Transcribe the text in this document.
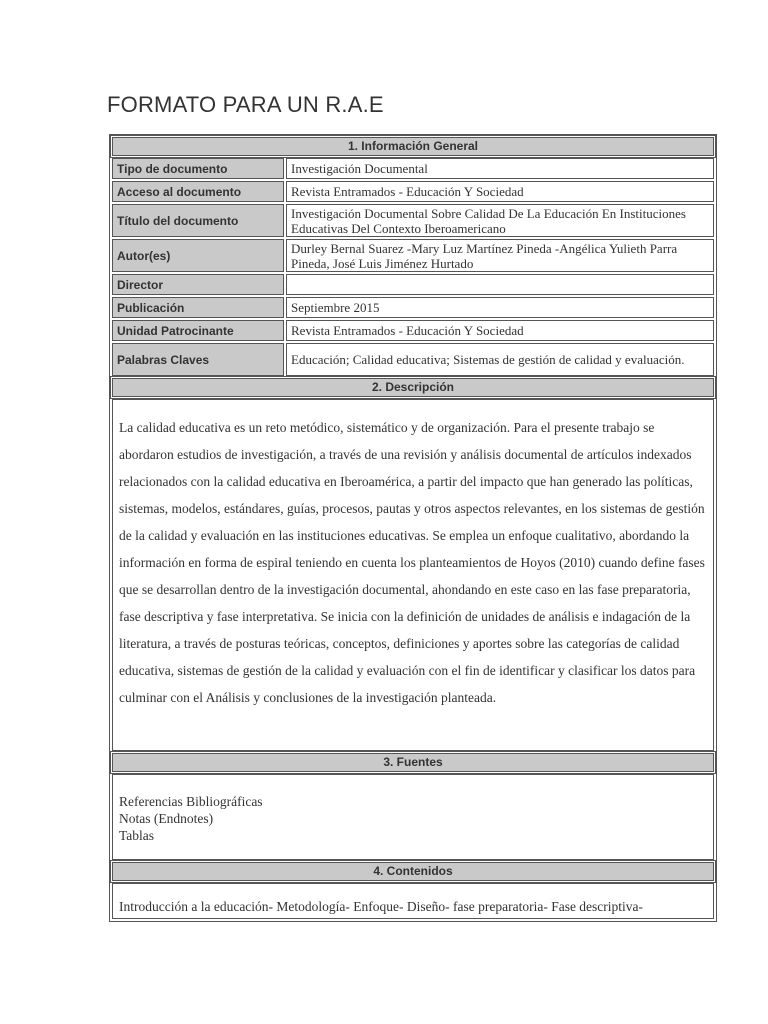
FORMATO PARA UN R.A.E
1. Información General
Tipo de documento	Investigación Documental
Acceso al documento	Revista Entramados - Educación Y Sociedad
Título del documento	Investigación Documental Sobre Calidad De La Educación En Instituciones Educativas Del Contexto Iberoamericano
Autor(es)	Durley Bernal Suarez -Mary Luz Martínez Pineda -Angélica Yulieth Parra Pineda, José Luis Jiménez Hurtado
Director
Publicación	Septiembre 2015
Unidad Patrocinante	Revista Entramados - Educación Y Sociedad
Palabras Claves	Educación; Calidad educativa; Sistemas de gestión de calidad y evaluación.
2. Descripción
La calidad educativa es un reto metódico, sistemático y de organización. Para el presente trabajo se abordaron estudios de investigación, a través de una revisión y análisis documental de artículos indexados relacionados con la calidad educativa en Iberoamérica, a partir del impacto que han generado las políticas, sistemas, modelos, estándares, guías, procesos, pautas y otros aspectos relevantes, en los sistemas de gestión de la calidad y evaluación en las instituciones educativas. Se emplea un enfoque cualitativo, abordando la información en forma de espiral teniendo en cuenta los planteamientos de Hoyos (2010) cuando define fases que se desarrollan dentro de la investigación documental, ahondando en este caso en las fase preparatoria, fase descriptiva y fase interpretativa. Se inicia con la definición de unidades de análisis e indagación de la literatura, a través de posturas teóricas, conceptos, definiciones y aportes sobre las categorías de calidad educativa, sistemas de gestión de la calidad y evaluación con el fin de identificar y clasificar los datos para culminar con el Análisis y conclusiones de la investigación planteada.
3. Fuentes
Referencias Bibliográficas
Notas (Endnotes)
Tablas
4. Contenidos
Introducción a la educación- Metodología- Enfoque- Diseño- fase preparatoria- Fase descriptiva-
